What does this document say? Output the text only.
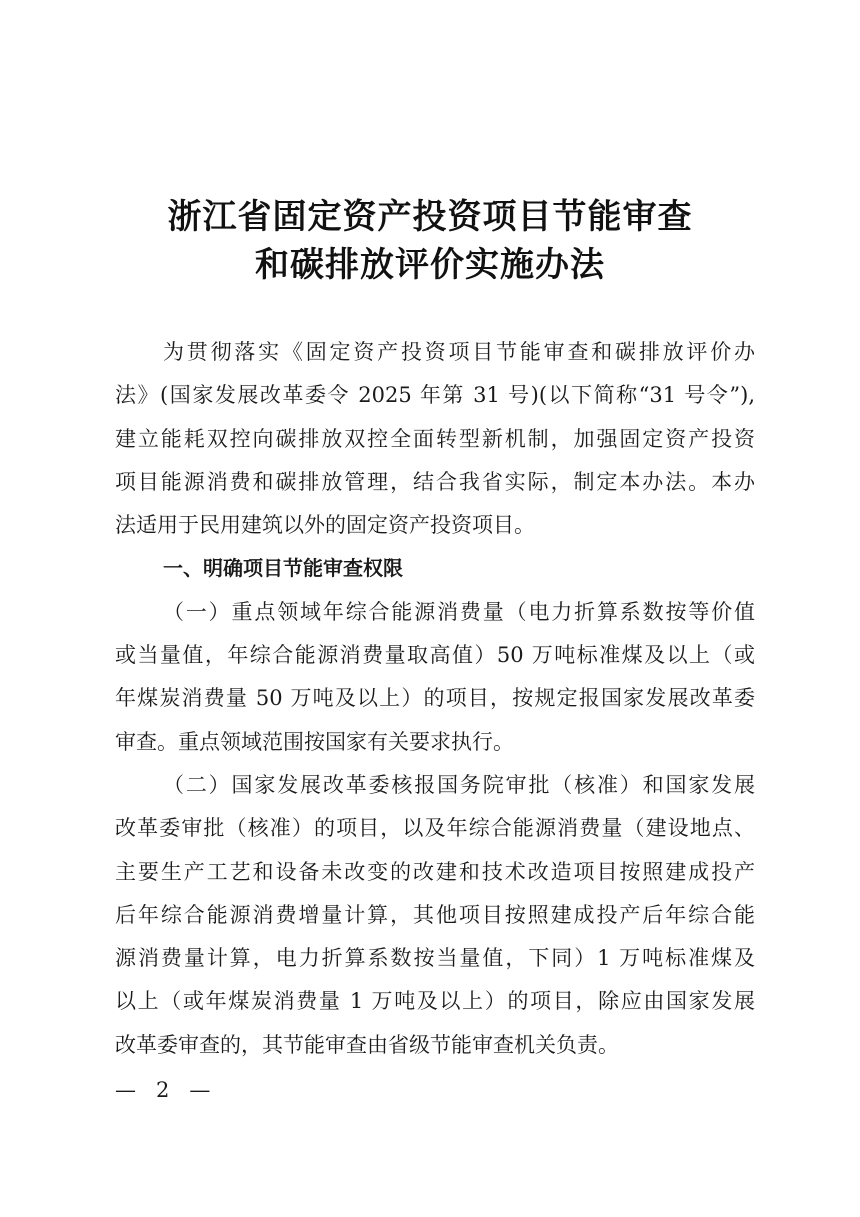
浙江省固定资产投资项目节能审查
和碳排放评价实施办法
为贯彻落实《固定资产投资项目节能审查和碳排放评价办
法》(国家发展改革委令 2025 年第 31 号)(以下简称“31 号令”),
建立能耗双控向碳排放双控全面转型新机制，加强固定资产投资
项目能源消费和碳排放管理，结合我省实际，制定本办法。本办
法适用于民用建筑以外的固定资产投资项目。
一、明确项目节能审查权限
（一）重点领域年综合能源消费量（电力折算系数按等价值
或当量值，年综合能源消费量取高值）50 万吨标准煤及以上（或
年煤炭消费量 50 万吨及以上）的项目，按规定报国家发展改革委
审查。重点领域范围按国家有关要求执行。
（二）国家发展改革委核报国务院审批（核准）和国家发展
改革委审批（核准）的项目，以及年综合能源消费量（建设地点、
主要生产工艺和设备未改变的改建和技术改造项目按照建成投产
后年综合能源消费增量计算，其他项目按照建成投产后年综合能
源消费量计算，电力折算系数按当量值，下同）1 万吨标准煤及
以上（或年煤炭消费量 1 万吨及以上）的项目，除应由国家发展
改革委审查的，其节能审查由省级节能审查机关负责。
—   2   —
